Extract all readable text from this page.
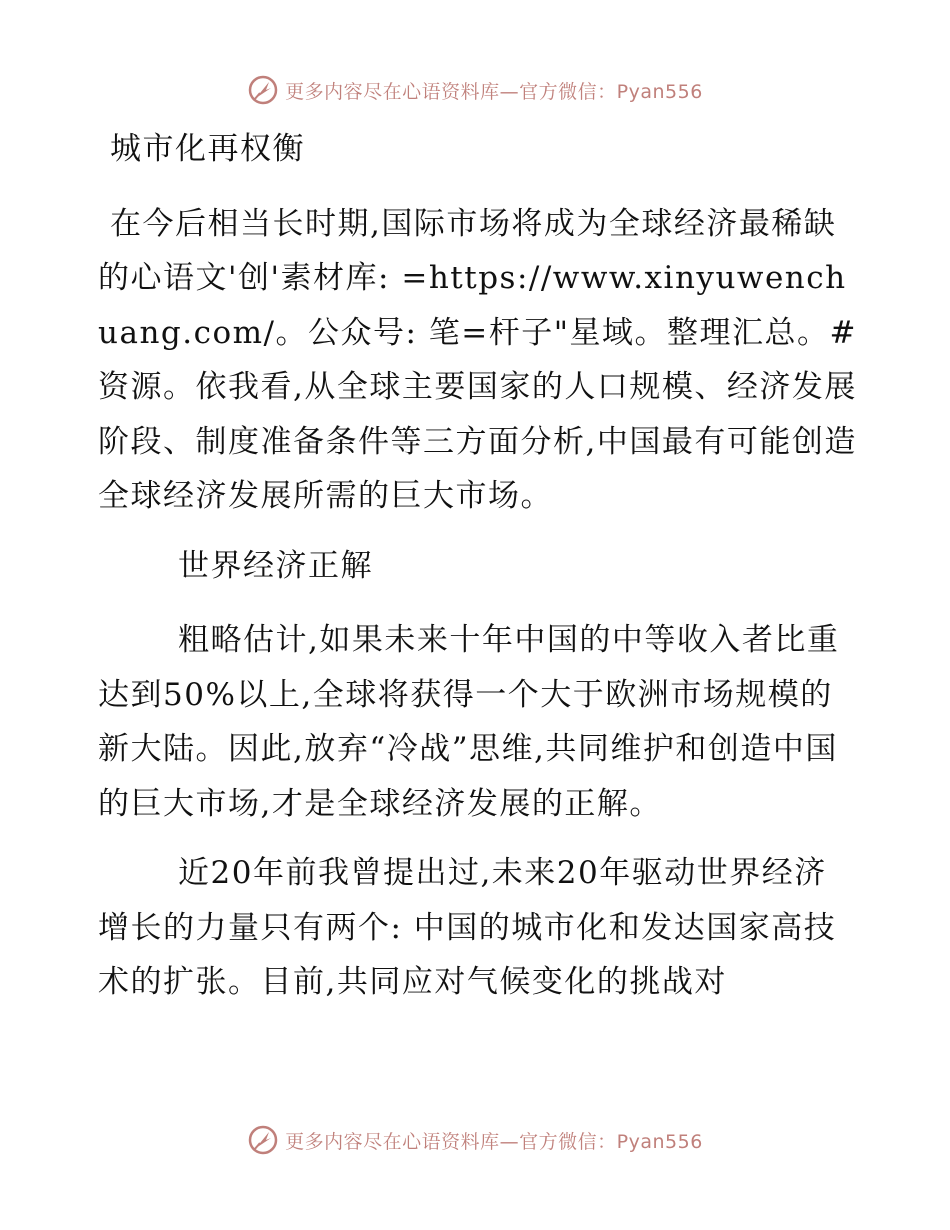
更多内容尽在心语资料库—官方微信：Pyan556

城市化再权衡

在今后相当长时期,国际市场将成为全球经济最稀缺的心语文'创'素材库: =https://www.xinyuwenchuang.com/。公众号: 笔=杆子"星域。整理汇总。#资源。依我看,从全球主要国家的人口规模、经济发展阶段、制度准备条件等三方面分析,中国最有可能创造全球经济发展所需的巨大市场。

世界经济正解

粗略估计,如果未来十年中国的中等收入者比重达到50%以上,全球将获得一个大于欧洲市场规模的新大陆。因此,放弃“冷战”思维,共同维护和创造中国的巨大市场,才是全球经济发展的正解。

近20年前我曾提出过,未来20年驱动世界经济增长的力量只有两个: 中国的城市化和发达国家高技术的扩张。目前,共同应对气候变化的挑战对

更多内容尽在心语资料库—官方微信：Pyan556
